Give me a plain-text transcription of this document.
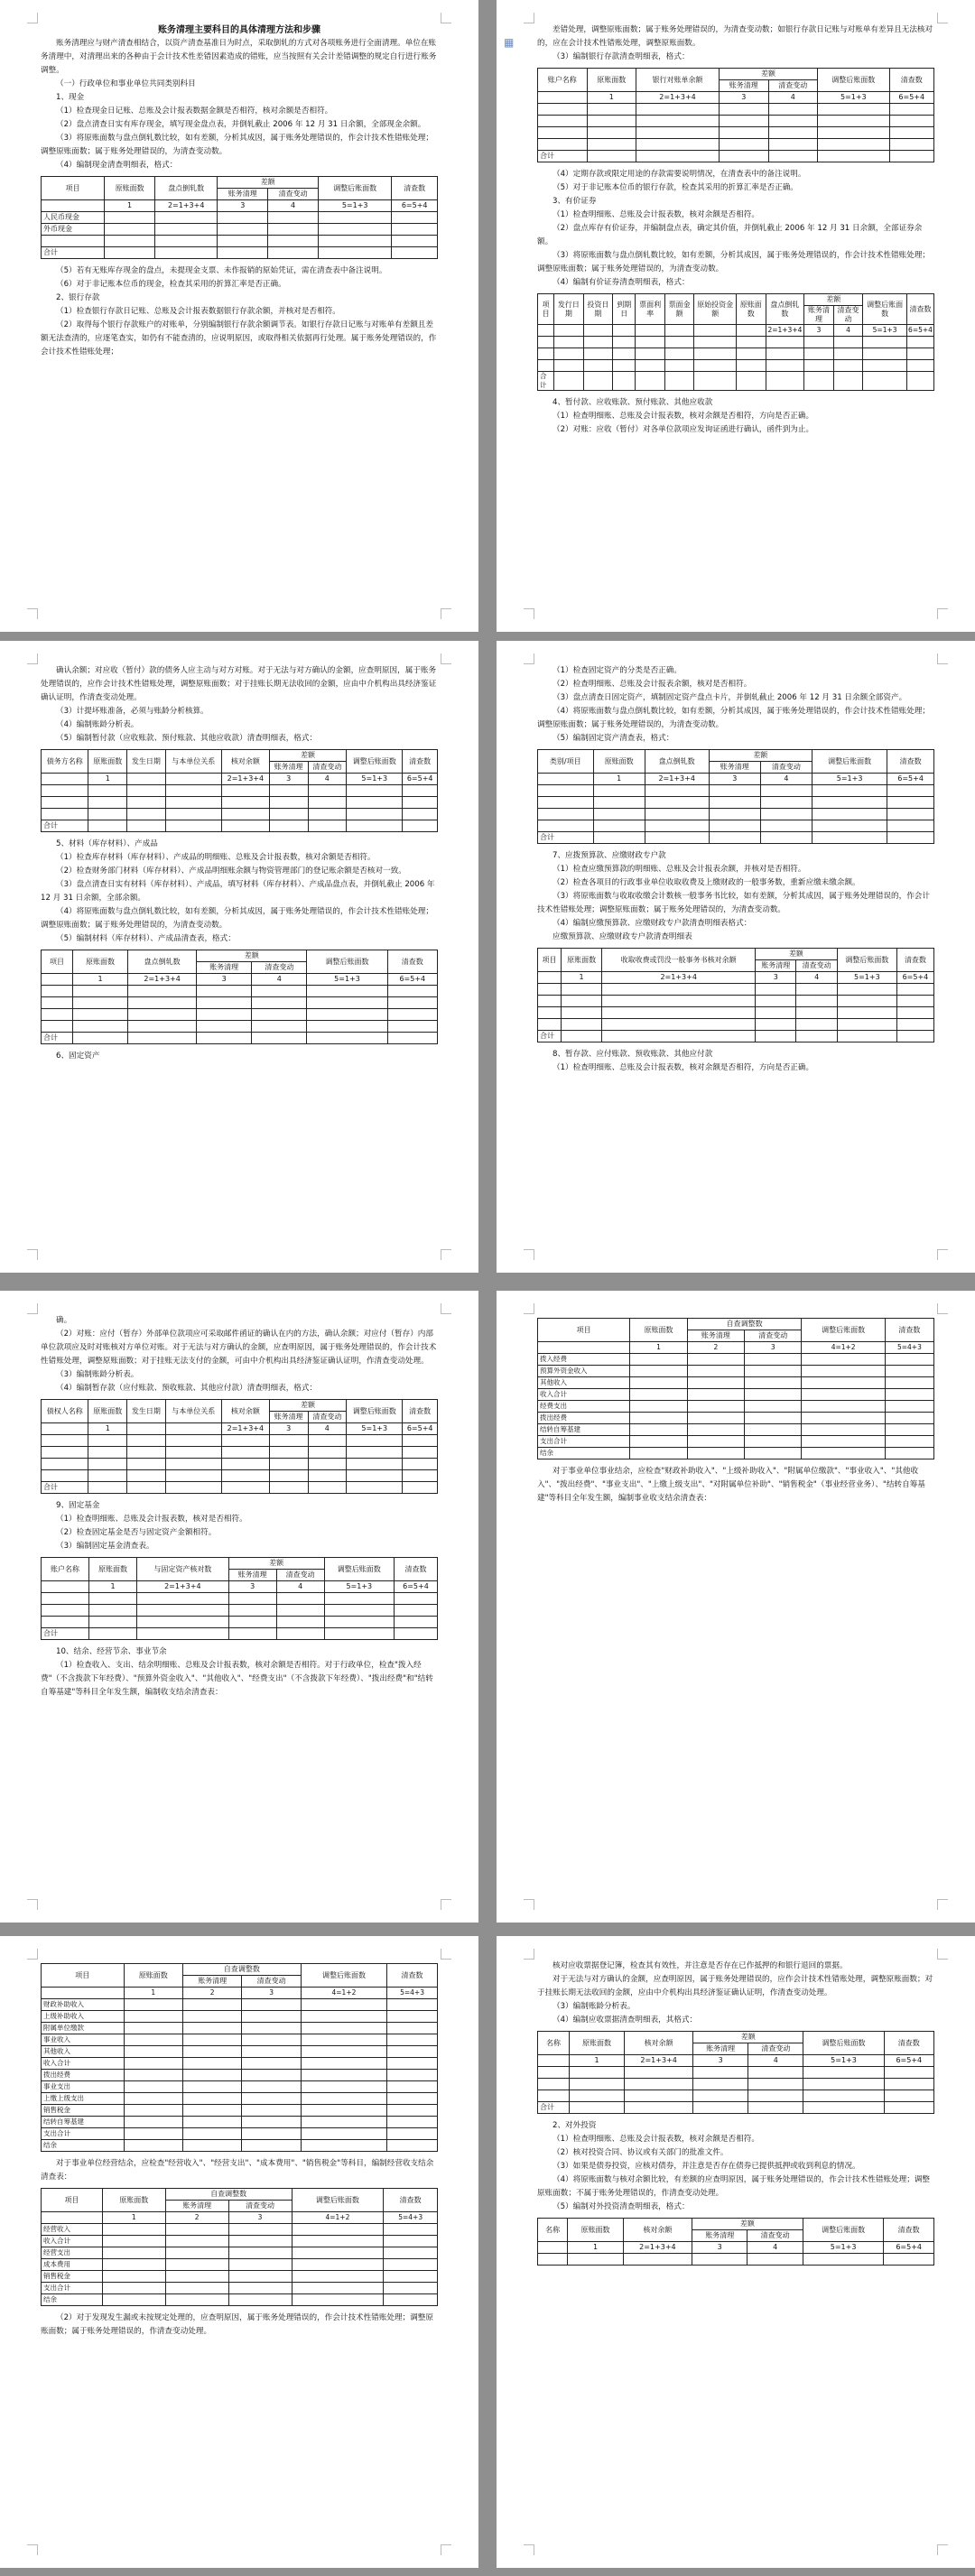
账务清理主要科目的具体清理方法和步骤

账务清理应与财产清查相结合，以资产清查基准日为时点，采取倒轧的方式对各项账务进行全面清理。单位在账务清理中，对清理出来的各种由于会计技术性差错因素造成的错账，应当按照有关会计差错调整的规定自行进行账务调整。

（一）行政单位和事业单位共同类别科目

1、现金

（1）检查现金日记账、总账及会计报表数据金额是否相符，核对余额是否相符。

（2）盘点清查日实有库存现金，填写现金盘点表，并倒轧截止 2006 年 12 月 31 日余额，全部现金余额。

（3）将原账面数与盘点倒轧数比较，如有差额，分析其成因，属于账务处理错误的，作会计技术性错账处理；调整原账面数；属于账务处理错误的，为清查变动数。

（4）编制现金清查明细表，格式：

项目	原账面数	盘点倒轧数	差额		调整后账面数	清查数
			账务清理	清查变动		
	1	2=1+3+4	3	4	5=1+3	6=5+4
人民币现金						
外币现金						

合计						

（5）若有无账库存现金的盘点，未提现金支票、未作报销的原始凭证，需在清查表中备注说明。

（6）对于非记账本位币的现金，检查其采用的折算汇率是否正确。

2、银行存款

（1）检查银行存款日记账、总账及会计报表数据银行存款余额，并核对是否相符。

（2）取得每个银行存款账户的对账单，分别编制银行存款余额调节表。如银行存款日记账与对账单有差额且差额无法查清的，应逐笔查实，如仍有不能查清的，应说明原因，或取得相关依据再行处理。属于账务处理错误的，作会计技术性错账处理；

▦

差错处理，调整原账面数；属于账务处理错误的，为清查变动数；如银行存款日记账与对账单有差异且无法核对的，应在会计技术性错账处理，调整原账面数。

（3）编制银行存款清查明细表，格式：

账户名称	原账面数	银行对账单余额	差额		调整后账面数	清查数
			账务清理	清查变动		
	1	2=1+3+4	3	4	5=1+3	6=5+4

合计						

（4）定期存款或限定用途的存款需要说明情况，在清查表中的备注说明。

（5）对于非记账本位币的银行存款，检查其采用的折算汇率是否正确。

3、有价证券

（1）检查明细账、总账及会计报表数，核对余额是否相符。

（2）盘点库存有价证券，并编制盘点表，确定其价值，并倒轧截止 2006 年 12 月 31 日余额，全部证券余额。

（3）将原账面数与盘点倒轧数比较，如有差额，分析其成因，属于账务处理错误的，作会计技术性错账处理；调整原账面数；属于账务处理错误的，为清查变动数。

（4）编制有价证券清查明细表，格式：

项目	发行日期	投资日期	到期日	票面利率	票面金额	原始投资金额	原账面数	盘点倒轧数	差额		调整后账面数	清查数
									账务清理	清查变动		
								2=1+3+4	3	4	5=1+3	6=5+4

合计												

4、暂付款、应收账款、预付账款、其他应收款

（1）检查明细账、总账及会计报表数，核对余额是否相符，方向是否正确。

（2）对账：应收（暂付）对各单位款项应发询证函进行确认，函件到为止。

确认余额；对应收（暂付）款的债务人应主动与对方对账。对于无法与对方确认的金额，应查明原因，属于账务处理错误的，应作会计技术性错账处理，调整原账面数；对于挂账长期无法收回的金额，应由中介机构出具经济鉴证确认证明，作清查变动处理。

（3）计提坏账准备，必须与账龄分析核算。

（4）编制账龄分析表。

（5）编制暂付款（应收账款、预付账款、其他应收款）清查明细表，格式：

债务方名称	原账面数	发生日期	与本单位关系	核对余额	差额		调整后账面数	清查数
					账务清理	清查变动		
	1			2=1+3+4	3	4	5=1+3	6=5+4

合计								

5、材料（库存材料）、产成品

（1）检查库存材料（库存材料）、产成品的明细账、总账及会计报表数，核对余额是否相符。

（2）检查财务部门材料（库存材料）、产成品明细账余额与物资管理部门的登记账余额是否核对一致。

（3）盘点清查日实有材料（库存材料）、产成品，填写材料（库存材料）、产成品盘点表，并倒轧截止 2006 年 12 月 31 日余额，全部余额。

（4）将原账面数与盘点倒轧数比较，如有差额，分析其成因，属于账务处理错误的，作会计技术性错账处理；调整原账面数；属于账务处理错误的，为清查变动数。

（5）编制材料（库存材料）、产成品清查表，格式：

项目	原账面数	盘点倒轧数	差额		调整后账面数	清查数
			账务清理	清查变动		
	1	2=1+3+4	3	4	5=1+3	6=5+4

合计						

6、固定资产

（1）检查固定资产的分类是否正确。

（2）检查明细账、总账及会计报表余额，核对是否相符。

（3）盘点清查日固定资产，填制固定资产盘点卡片，并倒轧截止 2006 年 12 月 31 日余额全部资产。

（4）将原账面数与盘点倒轧数比较，如有差额，分析其成因，属于账务处理错误的，作会计技术性错账处理；调整原账面数；属于账务处理错误的，为清查变动数。

（5）编制固定资产清查表，格式：

类别/项目	原账面数	盘点倒轧数	差额		调整后账面数	清查数
			账务清理	清查变动		
	1	2=1+3+4	3	4	5=1+3	6=5+4

合计						

7、应拨预算款、应缴财政专户款

（1）检查应缴预算款的明细账、总账及会计报表余额，并核对是否相符。

（2）检查各项目的行政事业单位收取收费及上缴财政的一般事务数，重新应缴未缴余额。

（3）将原账面数与收取收缴会计数核一般事务书比较，如有差额，分析其成因，属于账务处理错误的，作会计技术性错账处理；调整原账面数；属于账务处理错误的，为清查变动数。

（4）编制应缴预算款、应缴财政专户款清查明细表格式：

应缴预算款、应缴财政专户款清查明细表

项目	原账面数	收取收费或罚没一般事务书核对余额	差额		调整后账面数	清查数
			账务清理	清查变动		
	1	2=1+3+4	3	4	5=1+3	6=5+4

合计						

8、暂存款、应付账款、预收账款、其他应付款

（1）检查明细账、总账及会计报表数，核对余额是否相符，方向是否正确。

确。

（2）对账：应付（暂存）外部单位款项应可采取邮件函证的确认在内的方法，确认余额；对应付（暂存）内部单位款项应及时对账核对方单位对账。对于无法与对方确认的金额，应查明原因，属于账务处理错误的，作会计技术性错账处理，调整原账面数；对于挂账无法支付的金额，可由中介机构出具经济鉴证确认证明，作清查变动处理。

（3）编制账龄分析表。

（4）编制暂存款（应付账款、预收账款、其他应付款）清查明细表，格式：

债权人名称	原账面数	发生日期	与本单位关系	核对余额	差额		调整后账面数	清查数
					账务清理	清查变动		
	1			2=1+3+4	3	4	5=1+3	6=5+4

合计								

9、固定基金

（1）检查明细账、总账及会计报表数，核对是否相符。

（2）检查固定基金是否与固定资产金额相符。

（3）编制固定基金清查表。

账户名称	原账面数	与固定资产核对数	差额		调整后账面数	清查数
			账务清理	清查变动		
	1	2=1+3+4	3	4	5=1+3	6=5+4

合计						

10、结余、经营节余、事业节余

（1）检查收入、支出、结余明细账、总账及会计报表数，核对余额是否相符。对于行政单位，检查"拨入经费"（不含拨款下年经费）、"预算外资金收入"、"其他收入"、"经费支出"（不含拨款下年经费）、"拨出经费"和"结转自筹基建"等科目全年发生额，编制收支结余清查表：

项目	原账面数	自查调整数		调整后账面数	清查数
		账务清理	清查变动		
	1	2	3	4=1+2	5=4+3
拨入经费					
预算外资金收入					
其他收入					
收入合计					
经费支出					
拨出经费					
结转自筹基建					
支出合计					
结余					

对于事业单位事业结余，应检查"财政补助收入"、"上级补助收入"、"附属单位缴款"、"事业收入"、"其他收入"、"拨出经费"、"事业支出"、"上缴上级支出"、"对附属单位补助"、"销售税金"（事业经营业务）、"结转自筹基建"等科目全年发生额，编制事业收支结余清查表：

项目	原账面数	自查调整数		调整后账面数	清查数
		账务清理	清查变动		
	1	2	3	4=1+2	5=4+3
财政补助收入					
上级补助收入					
附属单位缴款					
事业收入					
其他收入					
收入合计					
拨出经费					
事业支出					
上缴上级支出					
销售税金					
结转自筹基建					
支出合计					
结余					

对于事业单位经营结余，应检查"经营收入"、"经营支出"、"成本费用"、"销售税金"等科目，编制经营收支结余清查表：

项目	原账面数	自查调整数		调整后账面数	清查数
		账务清理	清查变动		
	1	2	3	4=1+2	5=4+3
经营收入					
收入合计					
经营支出					
成本费用					
销售税金					
支出合计					
结余					

（2）对于发现发生漏或未按规定处理的，应查明原因，属于账务处理错误的，作会计技术性错账处理；调整原账面数；属于账务处理错误的，作清查变动处理。

核对应收票据登记簿，检查其有效性，并注意是否存在已作抵押的和银行退回的票据。

对于无法与对方确认的金额，应查明原因，属于账务处理错误的，应作会计技术性错账处理，调整原账面数；对于挂账长期无法收回的金额，应由中介机构出具经济鉴证确认证明，作清查变动处理。

（3）编制账龄分析表。

（4）编制应收票据清查明细表，其格式：

名称	原账面数	核对余额	差额		调整后账面数	清查数
			账务清理	清查变动		
	1	2=1+3+4	3	4	5=1+3	6=5+4

合计						

2、对外投资

（1）检查明细账、总账及会计报表数，核对余额是否相符。

（2）核对投资合同、协议或有关部门的批准文件。

（3）如果是债券投资，应核对债券，并注意是否存在债券已提供抵押或收到利息的情况。

（4）将原账面数与核对余额比较，有差额的应查明原因，属于账务处理错误的，作会计技术性错账处理；调整原账面数；不属于账务处理错误的，作清查变动处理。

（5）编制对外投资清查明细表，格式：

名称	原账面数	核对余额	差额		调整后账面数	清查数
			账务清理	清查变动		
	1	2=1+3+4	3	4	5=1+3	6=5+4
